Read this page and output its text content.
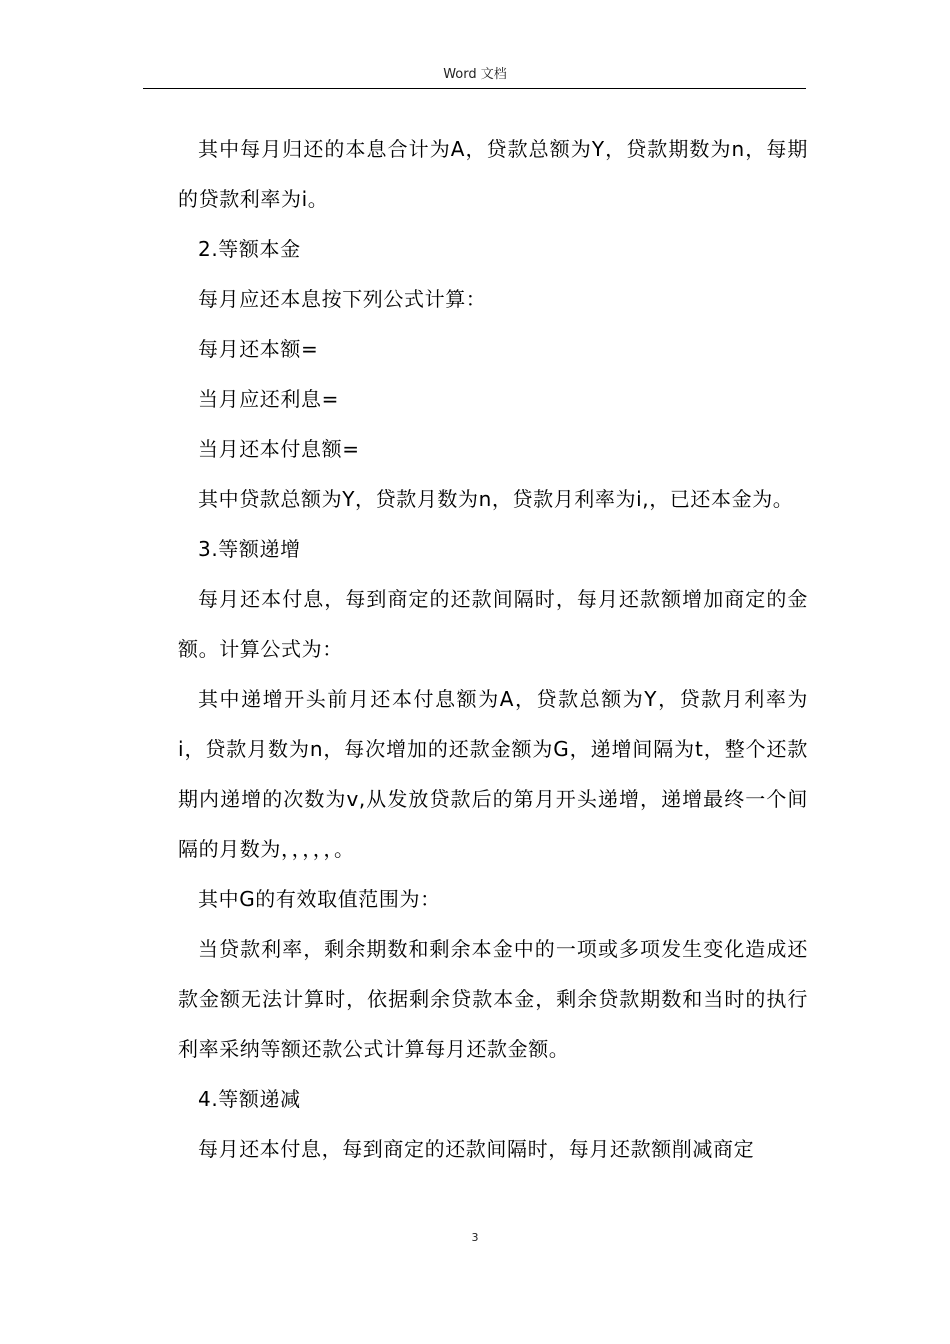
Word 文档

其中每月归还的本息合计为A，贷款总额为Y，贷款期数为n，每期的贷款利率为i。

2.等额本金

每月应还本息按下列公式计算：

每月还本额=

当月应还利息=

当月还本付息额=

其中贷款总额为Y，贷款月数为n，贷款月利率为i,，已还本金为。

3.等额递增

每月还本付息，每到商定的还款间隔时，每月还款额增加商定的金额。计算公式为：

其中递增开头前月还本付息额为A，贷款总额为Y，贷款月利率为i，贷款月数为n，每次增加的还款金额为G，递增间隔为t，整个还款期内递增的次数为v,从发放贷款后的第月开头递增，递增最终一个间隔的月数为，，，，，。

其中G的有效取值范围为：

当贷款利率，剩余期数和剩余本金中的一项或多项发生变化造成还款金额无法计算时，依据剩余贷款本金，剩余贷款期数和当时的执行利率采纳等额还款公式计算每月还款金额。

4.等额递减

每月还本付息，每到商定的还款间隔时，每月还款额削减商定

3
